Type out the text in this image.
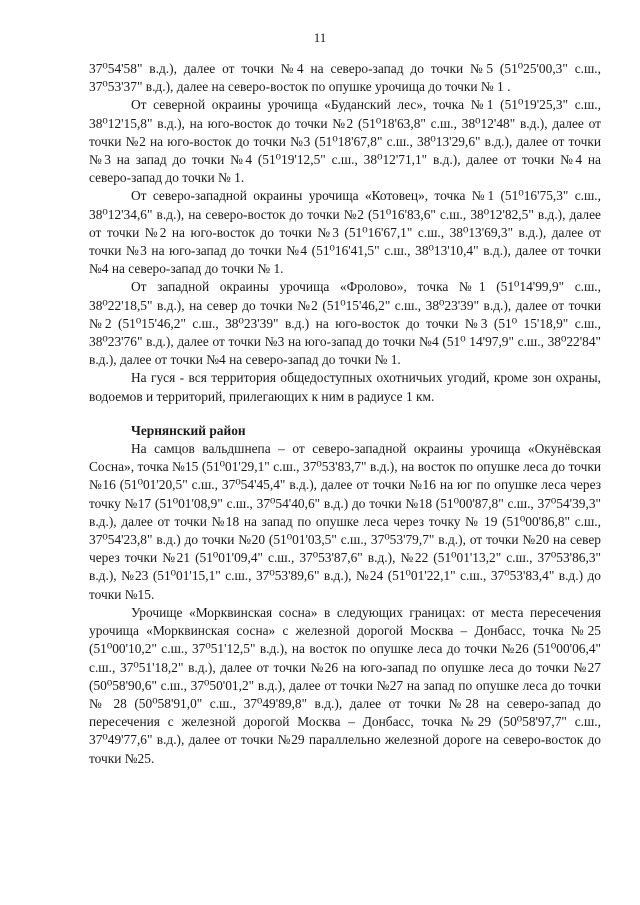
11

37⁰54'58" в.д.), далее от точки №4 на северо-запад до точки №5 (51⁰25'00,3" с.ш., 37⁰53'37" в.д.), далее на северо-восток по опушке урочища до точки № 1 .

От северной окраины урочища «Буданский лес», точка №1 (51⁰19'25,3" с.ш., 38⁰12'15,8" в.д.), на юго-восток до точки №2 (51⁰18'63,8" с.ш., 38⁰12'48" в.д.), далее от точки №2 на юго-восток до точки №3 (51⁰18'67,8" с.ш., 38⁰13'29,6" в.д.), далее от точки №3 на запад до точки №4 (51⁰19'12,5" с.ш., 38⁰12'71,1" в.д.), далее от точки №4 на северо-запад до точки № 1.

От северо-западной окраины урочища «Котовец», точка №1 (51⁰16'75,3" с.ш., 38⁰12'34,6" в.д.), на северо-восток до точки №2 (51⁰16'83,6" с.ш., 38⁰12'82,5" в.д.), далее от точки №2 на юго-восток до точки №3 (51⁰16'67,1" с.ш., 38⁰13'69,3" в.д.), далее от точки №3 на юго-запад до точки №4 (51⁰16'41,5" с.ш., 38⁰13'10,4" в.д.), далее от точки №4 на северо-запад до точки № 1.

От западной окраины урочища «Фролово», точка №1 (51⁰14'99,9" с.ш., 38⁰22'18,5" в.д.), на север до точки №2 (51⁰15'46,2" с.ш., 38⁰23'39" в.д.), далее от точки №2 (51⁰15'46,2" с.ш., 38⁰23'39" в.д.) на юго-восток до точки №3 (51⁰ 15'18,9" с.ш., 38⁰23'76" в.д.), далее от точки №3 на юго-запад до точки №4 (51⁰ 14'97,9" с.ш., 38⁰22'84" в.д.), далее от точки №4 на северо-запад до точки № 1.

На гуся - вся территория общедоступных охотничьих угодий, кроме зон охраны, водоемов и территорий, прилегающих к ним в радиусе 1 км.

Чернянский район

На самцов вальдшнепа – от северо-западной окраины урочища «Окунёвская Сосна», точка №15 (51⁰01'29,1" с.ш., 37⁰53'83,7" в.д.), на восток по опушке леса до точки №16 (51⁰01'20,5" с.ш., 37⁰54'45,4" в.д.), далее от точки №16 на юг по опушке леса через точку №17 (51⁰01'08,9" с.ш., 37⁰54'40,6" в.д.) до точки №18 (51⁰00'87,8" с.ш., 37⁰54'39,3" в.д.), далее от точки №18 на запад по опушке леса через точку № 19 (51⁰00'86,8" с.ш., 37⁰54'23,8" в.д.) до точки №20 (51⁰01'03,5" с.ш., 37⁰53'79,7" в.д.), от точки №20 на север через точки №21 (51⁰01'09,4" с.ш., 37⁰53'87,6" в.д.), №22 (51⁰01'13,2" с.ш., 37⁰53'86,3" в.д.), №23 (51⁰01'15,1" с.ш., 37⁰53'89,6" в.д.), №24 (51⁰01'22,1" с.ш., 37⁰53'83,4" в.д.) до точки №15.

Урочище «Морквинская сосна» в следующих границах: от места пересечения урочища «Морквинская сосна» с железной дорогой Москва – Донбасс, точка №25 (51⁰00'10,2" с.ш., 37⁰51'12,5" в.д.), на восток по опушке леса до точки №26 (51⁰00'06,4" с.ш., 37⁰51'18,2" в.д.), далее от точки №26 на юго-запад по опушке леса до точки №27 (50⁰58'90,6" с.ш., 37⁰50'01,2" в.д.), далее от точки №27 на запад по опушке леса до точки № 28 (50⁰58'91,0" с.ш., 37⁰49'89,8" в.д.), далее от точки №28 на северо-запад до пересечения с железной дорогой Москва – Донбасс, точка №29 (50⁰58'97,7" с.ш., 37⁰49'77,6" в.д.), далее от точки №29 параллельно железной дороге на северо-восток до точки №25.
